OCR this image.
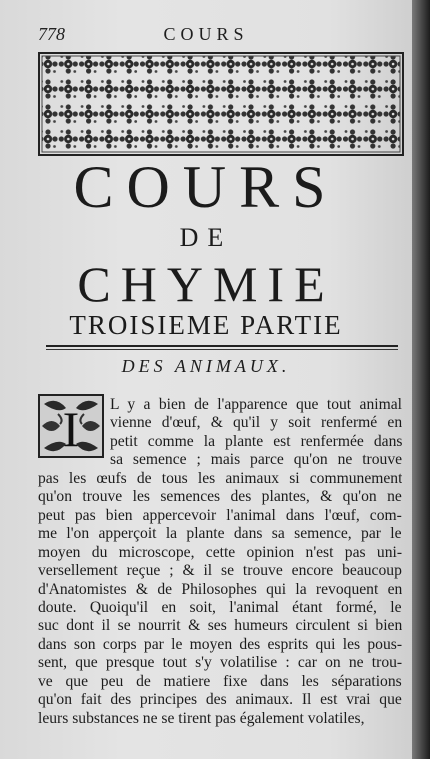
778	COURS
COURS
DE
CHYMIE
TROISIEME PARTIE
DES ANIMAUX.
I L y a bien de l'apparence que tout animal
vienne d'œuf, & qu'il y soit renfermé en
petit comme la plante est renfermée dans
sa semence ; mais parce qu'on ne trouve
pas les œufs de tous les animaux si communement
qu'on trouve les semences des plantes, & qu'on ne
peut pas bien appercevoir l'animal dans l'œuf, com-
me l'on apperçoit la plante dans sa semence, par le
moyen du microscope, cette opinion n'est pas uni-
versellement reçue ; & il se trouve encore beaucoup
d'Anatomistes & de Philosophes qui la revoquent en
doute. Quoiqu'il en soit, l'animal étant formé, le
suc dont il se nourrit & ses humeurs circulent si bien
dans son corps par le moyen des esprits qui les pous-
sent, que presque tout s'y volatilise : car on ne trou-
ve que peu de matiere fixe dans les séparations
qu'on fait des principes des animaux. Il est vrai que
leurs substances ne se tirent pas également volatiles,
